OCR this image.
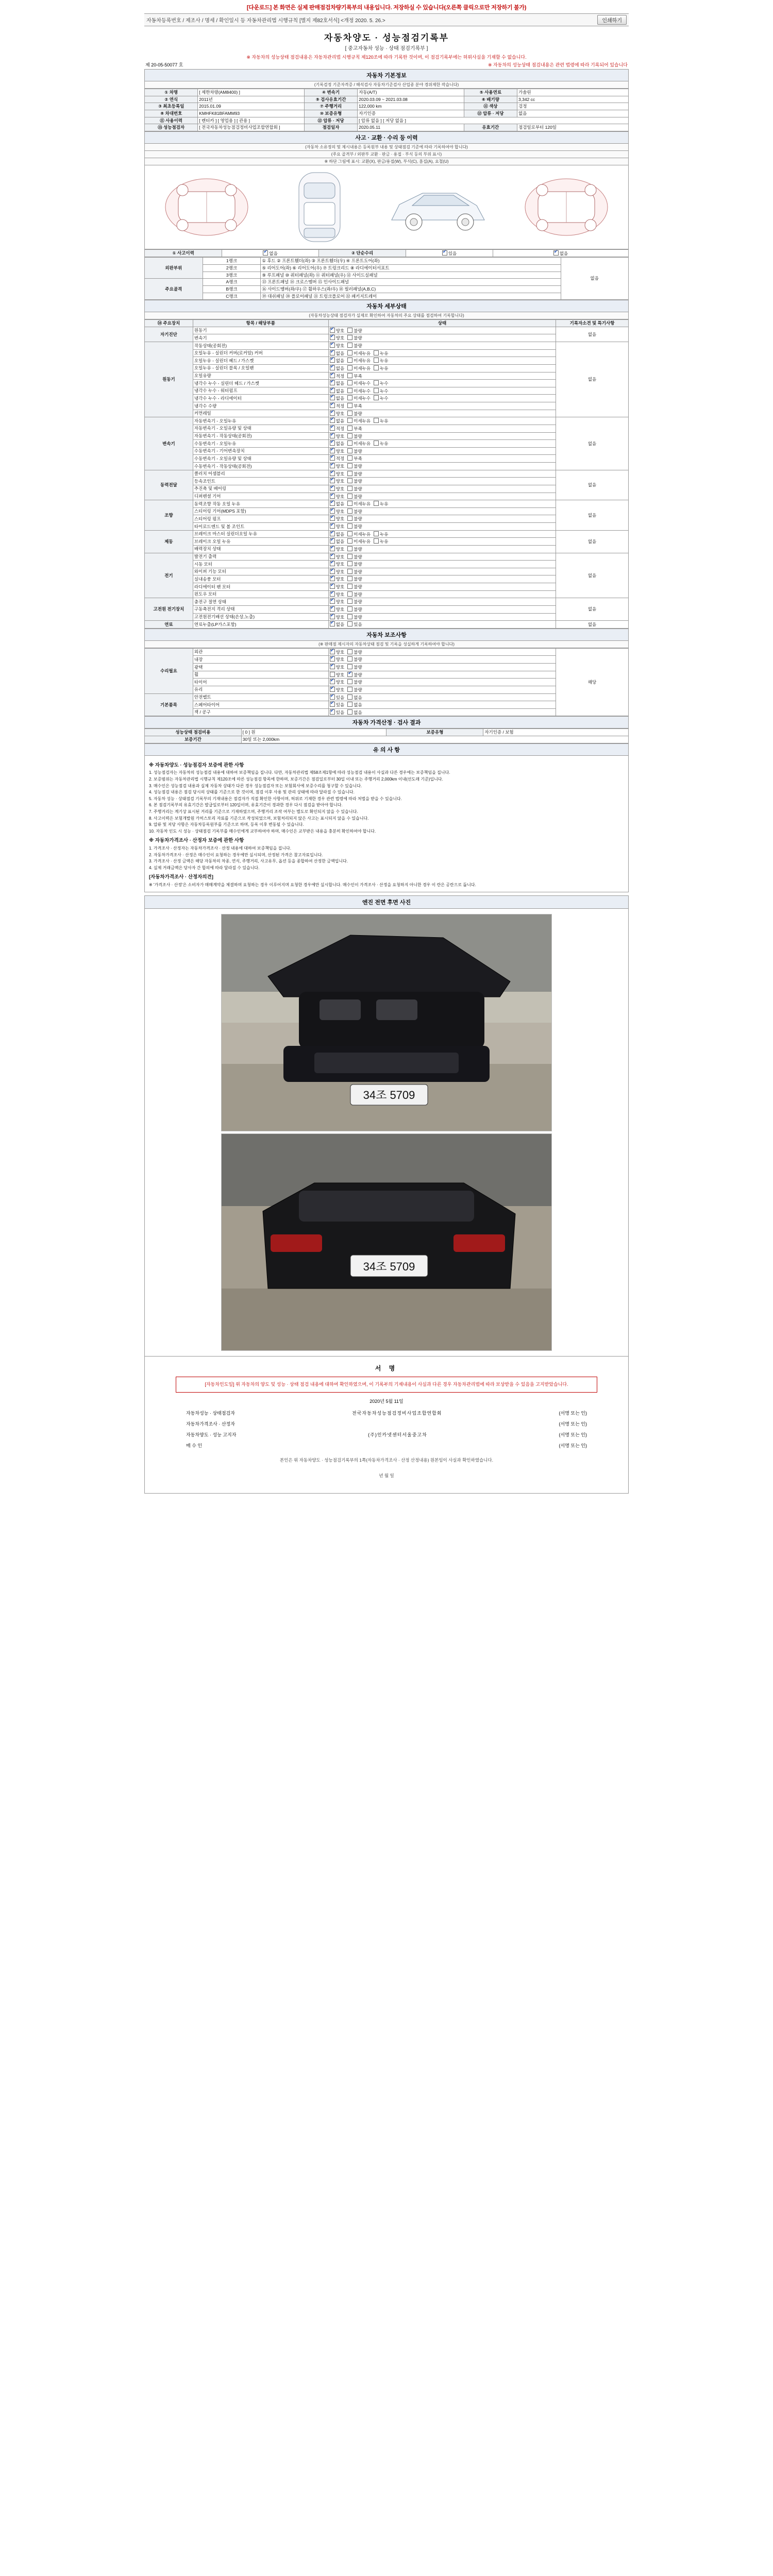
[다운로드] 본 화면은 실제 판매점검차량기록부의 내용입니다. 저장하실 수 있습니다(오른쪽 클릭으로만 저장하기 불가)
자동차등록번호 / 제조사 / 명세 / 확인일시 등 자동차관리법 시행규칙 [별지 제82호서식] <개정 2020. 5. 26.>	인쇄하기
자동차양도 · 성능점검기록부
[ 중고자동차 성능 · 상태 점검기록부 ]
※ 자동차의 성능상태 점검내용은 자동차관리법 시행규칙 제120조에 따라 기록한 것이며, 이 점검기록부에는 허위사실을 기재할 수 없습니다.
제 20-05-50077 호	※ 자동차의 성능상태 점검내용은 관련 법령에 따라 기록되어 있습니다
자동차 기본정보
(기록검정 기준자격증 / 해석검사 자동차기준검사 산업종 분야 경위제한 작습니다)
① 차명	[ 제한차량(AM8400) ]	④ 변속기	자동(A/T)	⑤ 사용연료	가솔린
② 연식	2011년	⑨ 검사유효기간	2020.03.09 ~ 2021.03.08	⑥ 배기량	3,342 cc
③ 최초등록일	2015.01.09	⑦ 주행거리	122,000 km	⑪ 색상	검정
⑧ 차대번호	KMHFK81BFAMM93	⑩ 보증유형	자기인증	⑫ 압류 · 저당	없음
⑪ 사용이력	[ 렌터카 ] [ 영업용 ] [ 관용 ]	⑫ 압류 · 저당	[ 압류 없음 ] [ 저당 없음 ]		
⑬ 성능점검자	[ 전국자동차성능점검정비사업조합연합회 ]	점검일자	2020.05.11	유효기간	점검일로부터 120일
사고 · 교환 · 수리 등 이력
(자동차 소유정의 및 제시내용은 등록원부 내용 및 상태점검 기준에 따라 기록하여야 합니다)
(주요 골격부 / 외판부 교환 · 판금 · 용접 · 부식 등의 부위 표시)
※ 하단 그림에 표시: 교환(X), 판금/용접(W), 부식(C), 흠집(A), 요철(U)
① 사고이력	✔없음	② 단순수리	✔있음	✔없음
외판부위	1랭크	① 후드 ② 프론트휀더(좌) ③ 프론트휀더(우) ④ 프론트도어(좌)	없음
	2랭크	⑤ 리어도어(좌) ⑥ 리어도어(우) ⑦ 트렁크리드 ⑧ 라디에이터서포트	
	3랭크	⑨ 루프패널 ⑩ 쿼터패널(좌) ⑪ 쿼터패널(우) ⑫ 사이드실패널	
주요골격	A랭크	⑬ 프론트패널 ⑭ 크로스멤버 ⑮ 인사이드패널	
	B랭크	⑯ 사이드멤버(좌/우) ⑰ 휠하우스(좌/우) ⑱ 필러패널(A,B,C)	
	C랭크	⑲ 대쉬패널 ⑳ 플로어패널 ㉑ 트렁크플로어 ㉒ 패키지트레이	
자동차 세부상태
(자동차성능상태 점검자가 실제로 확인하여 자동차의 주요 상태를 점검하여 기록합니다)
⑭ 주요장치	항목 / 해당부품	상태	기록자소견 및 특기사항
자기진단	원동기	✔양호 불량	없음
	변속기	✔양호 불량
원동기	작동상태(공회전)	✔양호 불량	없음
	오일누유 - 실린더 커버(로커암) 커버	✔없음 미세누유 누유
	오일누유 - 실린더 헤드 / 가스켓	✔없음 미세누유 누유
	오일누유 - 실린더 블록 / 오일팬	✔없음 미세누유 누유
	오일유량	✔적정 부족
	냉각수 누수 - 실린더 헤드 / 가스켓	✔없음 미세누수 누수
	냉각수 누수 - 워터펌프	✔없음 미세누수 누수
	냉각수 누수 - 라디에이터	✔없음 미세누수 누수
	냉각수 수량	✔적정 부족
	커먼레일	✔양호 불량
변속기	자동변속기 - 오일누유	✔없음 미세누유 누유	없음
	자동변속기 - 오일유량 및 상태	✔적정 부족
	자동변속기 - 작동상태(공회전)	✔양호 불량
	수동변속기 - 오일누유	✔없음 미세누유 누유
	수동변속기 - 기어변속장치	✔양호 불량
	수동변속기 - 오일유량 및 상태	✔적정 부족
	수동변속기 - 작동상태(공회전)	✔양호 불량
동력전달	클러치 어셈블리	✔양호 불량	없음
	등속조인트	✔양호 불량
	추진축 및 베어링	✔양호 불량
	디퍼렌셜 기어	✔양호 불량
조향	동력조향 작동 오일 누유	✔없음 미세누유 누유	없음
	스티어링 기어(MDPS 포함)	✔양호 불량
	스티어링 펌프	✔양호 불량
	타이로드엔드 및 볼 조인트	✔양호 불량
제동	브레이크 마스터 실린더오일 누유	✔없음 미세누유 누유	없음
	브레이크 오일 누유	✔없음 미세누유 누유
	배력장치 상태	✔양호 불량
전기	발전기 출력	✔양호 불량	없음
	시동 모터	✔양호 불량
	와이퍼 기능 모터	✔양호 불량
	실내송풍 모터	✔양호 불량
	라디에이터 팬 모터	✔양호 불량
	윈도우 모터	✔양호 불량
고전원 전기장치	충전구 절연 상태	✔양호 불량	없음
	구동축전지 격리 상태	✔양호 불량
	고전원전기배선 상태(손상,노출)	✔양호 불량
연료	연료누출(LP가스포함)	✔없음 있음	없음
자동차 보조사항
(※ 판매점 제시자의 자동차상태 점검 및 기록을 성실하게 기록하여야 합니다)
수리필요	외관	✔양호 불량	해당
	내장	✔양호 불량
	광택	✔양호 불량
	휠	양호 ✔ 불량
	타이어	✔양호 불량
	유리	✔양호 불량
기본품목	안전벨트	✔있음 없음
	스페어타이어	✔있음 없음
	잭 / 공구	✔있음 없음
자동차 가격산정 · 검사 결과
성능상태 점검비용	[ 0 ] 원	보증유형	자기인증 / 보험
보증기간	30일 또는 2,000km		
유 의 사 항
※ 자동차양도 · 성능점검자 보증에 관한 사항

1. 성능점검자는 자동차의 성능점검 내용에 대하여 보증책임을 집니다. 다만, 자동차관리법 제58조제1항에 따라 성능점검 내용이 사실과 다른 경우에는 보증책임을 집니다.

2. 보증범위는 자동차관리법 시행규칙 제120조에 따른 성능점검 항목에 한하며, 보증기간은 점검일로부터 30일 이내 또는 주행거리 2,000km 이내(선도래 기준)입니다.

3. 매수인은 성능점검 내용과 실제 자동차 상태가 다른 경우 성능점검자 또는 보험회사에 보증수리를 청구할 수 있습니다.

4. 성능점검 내용은 점검 당시의 상태를 기준으로 한 것이며, 점검 이후 사용 및 관리 상태에 따라 달라질 수 있습니다.

5. 자동차 성능 · 상태점검 기록부의 기재내용은 점검자가 직접 확인한 사항이며, 허위로 기재한 경우 관련 법령에 따라 처벌을 받을 수 있습니다.

6. 본 점검기록부의 유효기간은 발급일로부터 120일이며, 유효기간이 경과한 경우 다시 점검을 받아야 합니다.

7. 주행거리는 계기상 표시된 거리를 기준으로 기재하였으며, 주행거리 조작 여부는 별도로 확인되지 않을 수 있습니다.

8. 사고이력은 보험개발원 카히스토리 자료를 기준으로 작성되었으며, 보험처리되지 않은 사고는 표시되지 않을 수 있습니다.

9. 압류 및 저당 사항은 자동차등록원부를 기준으로 하며, 등록 이후 변동될 수 있습니다.

10. 자동차 인도 시 성능 · 상태점검 기록부를 매수인에게 교부하여야 하며, 매수인은 교부받은 내용을 충분히 확인하여야 합니다.

※ 자동차가격조사 · 산정자 보증에 관한 사항

1. 가격조사 · 산정자는 자동차가격조사 · 산정 내용에 대하여 보증책임을 집니다.

2. 자동차가격조사 · 산정은 매수인이 요청하는 경우에만 실시되며, 산정된 가격은 참고자료입니다.

3. 가격조사 · 산정 금액은 해당 자동차의 차종, 연식, 주행거리, 사고유무, 옵션 등을 종합하여 산정한 금액입니다.

4. 실제 거래금액은 당사자 간 합의에 따라 달라질 수 있습니다.

[자동차가격조사 · 산정자의견]

※ '가격조사 · 산정'은 소비자가 매매계약을 체결하며 요청하는 경우 이루어지며 요청한 경우에만 실시합니다. 매수인이 가격조사 · 산정을 요청하지 아니한 경우 이 란은 공란으로 둡니다.

엔진 전면 후면 사진
34조 5709
34조 5709
서 명
[자동차인도일] 위 자동차의 양도 및 성능 · 상태 점검 내용에 대하여 확인하였으며, 이 기록부의 기재내용이 사실과 다른 경우 자동차관리법에 따라 보상받을 수 있음을 고지받았습니다.
2020년 5월 11일
자동차성능 · 상태점검자	전국자동차성능점검정비사업조합연합회	(서명 또는 인)
자동차가격조사 · 산정자	(서명 또는 인)
자동차양도 · 성능 고지자	(주)인카넷센터서울중고차	(서명 또는 인)
매 수 인	(서명 또는 인)
본인은 위 자동차양도 · 성능점검기록부의 1쪽(자동차가격조사 · 산정 산정내용) 원본임이 사실과 확인하였습니다.
년 월 일
